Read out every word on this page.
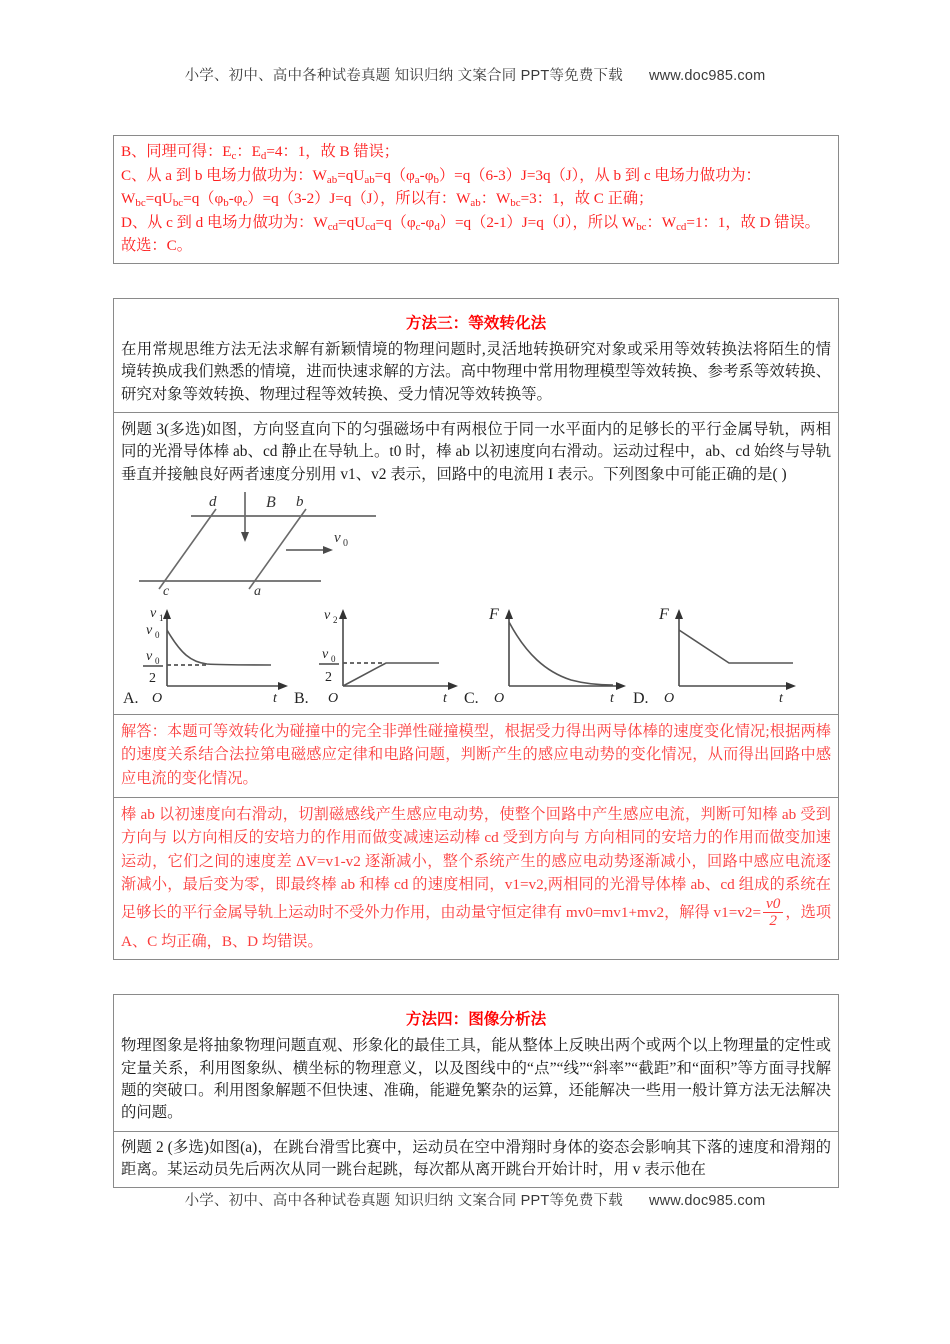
小学、初中、高中各种试卷真题 知识归纳 文案合同 PPT等免费下载 www.doc985.com
B、同理可得：$E_c$：$E_d=4$：1，故 B 错误；
C、从 a 到 b 电场力做功为：$W_{ab}=qU_{ab}=q(\varphi_a-\varphi_b)=q(6-3)J=3q(J)$，从 b 到 c 电场力做功为：$W_{bc}=qU_{bc}=q(\varphi_b-\varphi_c)=q(3-2)J=q(J)$，所以有：$W_{ab}$：$W_{bc}=3$：1，故 C 正确；
D、从 c 到 d 电场力做功为：$W_{cd}=qU_{cd}=q(\varphi_c-\varphi_d)=q(2-1)J=q(J)$，所以 $W_{bc}$：$W_{cd}=1$：1，故 D 错误。
故选：C。
方法三：等效转化法
在用常规思维方法无法求解有新颖情境的物理问题时,灵活地转换研究对象或采用等效转换法将陌生的情境转换成我们熟悉的情境，进而快速求解的方法。高中物理中常用物理模型等效转换、参考系等效转换、研究对象等效转换、物理过程等效转换、受力情况等效转换等。
例题 3(多选)如图，方向竖直向下的匀强磁场中有两根位于同一水平面内的足够长的平行金属导轨，两相同的光滑导体棒 ab、cd 静止在导轨上。t0 时，棒 ab 以初速度向右滑动。运动过程中，ab、cd 始终与导轨垂直并接触良好两者速度分别用 v1、v2 表示，回路中的电流用 I 表示。下列图象中可能正确的是( )
d	b
c	a
B
v 0
A.
v 1
v 0
v 0
2
O	t B.
v 2
v 0
2
O	t C.
F
O	t D.
F
O	t

解答：本题可等效转化为碰撞中的完全非弹性碰撞模型，根据受力得出两导体棒的速度变化情况;根据两棒的速度关系结合法拉第电磁感应定律和电路问题，判断产生的感应电动势的变化情况，从而得出回路中感应电流的变化情况。

棒 ab 以初速度向右滑动，切割磁感线产生感应电动势，使整个回路中产生感应电流，判断可知棒 ab 受到方向与 以方向相反的安培力的作用而做变减速运动棒 cd 受到方向与 方向相同的安培力的作用而做变加速运动，它们之间的速度差 ΔV=v1-v2 逐渐减小，整个系统产生的感应电动势逐渐减小，回路中感应电流逐渐减小，最后变为零，即最终棒 ab 和棒 cd 的速度相同，v1=v2,两相同的光滑导体棒 ab、cd 组成的系统在足够长的平行金属导轨上运动时不受外力作用，由动量守恒定律有 mv0=mv1+mv2，解得 $v1=v2= \frac{v0}{2}$ ，选项 A、C 均正确，B、D 均错误。

方法四：图像分析法
物理图象是将抽象物理问题直观、形象化的最佳工具，能从整体上反映出两个或两个以上物理量的定性或定量关系，利用图象纵、横坐标的物理意义，以及图线中的“点”“线”“斜率”“截距”和“面积”等方面寻找解题的突破口。利用图象解题不但快速、准确，能避免繁杂的运算，还能解决一些用一般计算方法无法解决的问题。
例题 2 (多选)如图(a)，在跳台滑雪比赛中，运动员在空中滑翔时身体的姿态会影响其下落的速度和滑翔的距离。某运动员先后两次从同一跳台起跳，每次都从离开跳台开始计时，用 v 表示他在
小学、初中、高中各种试卷真题 知识归纳 文案合同 PPT等免费下载 www.doc985.com
